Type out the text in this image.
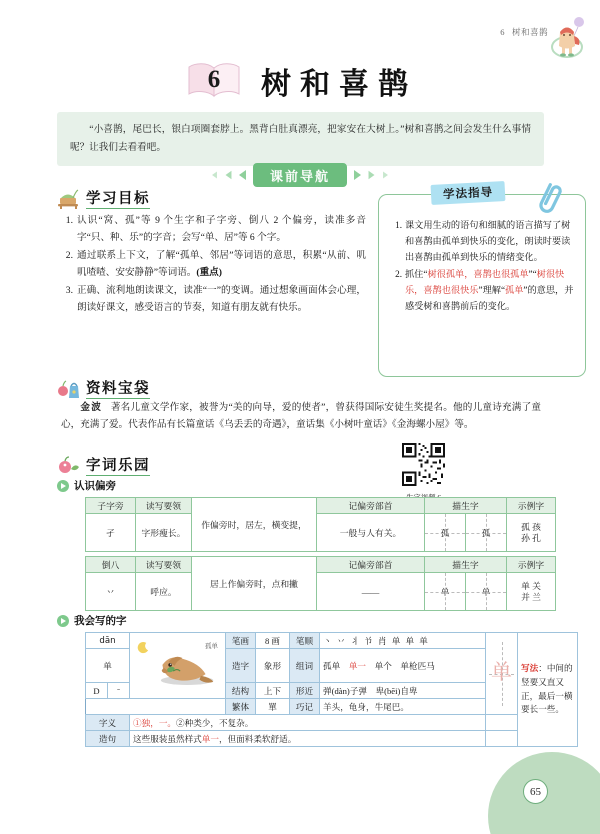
6 树和喜鹊
6 树和喜鹊

“小喜鹊，尾巴长，银白项圈套脖上。黑背白肚真漂亮，把家安在大树上。”树和喜鹊之间会发生什么事情呢？让我们去看看吧。

课前导航
学习目标
1. 认识“窝、孤”等 9 个生字和子字旁、倒八 2 个偏旁，读准多音字“只、种、乐”的字音；会写“单、居”等 6 个字。
2. 通过联系上下文，了解“孤单、邻居”等词语的意思，积累“从前、叽叽喳喳、安安静静”等词语。(重点)
3. 正确、流利地朗读课文，读准“一”的变调。通过想象画面体会心理，朗读好课文，感受语言的节奏，知道有朋友就有快乐。
学法指导
1. 课文用生动的语句和细腻的语言描写了树和喜鹊由孤单到快乐的变化，朗读时要读出喜鹊由孤单到快乐的情绪变化。
2. 抓住“树很孤单，喜鹊也很孤单”“树很快乐，喜鹊也很快乐”理解“孤单”的意思，并感受树和喜鹊前后的变化。
资料宝袋
金波 著名儿童文学作家，被誉为“美的向导，爱的使者”，曾获得国际安徒生奖提名。他的儿童诗充满了童心，充满了爱。代表作品有长篇童话《乌丢丢的奇遇》，童话集《小树叶童话》《金海螺小屋》等。
字词乐园
认识偏旁
子字旁	读写要领	作偏旁时，居左，横变提，	记偏旁部首	描生字		示例字
孑	字形瘦长。		一般与人有关。	孤	孤	孤 孩
孙 孔
倒八	读写要领	居上作偏旁时，点和撇	记偏旁部首	描生字		示例字
丷	呼应。		——	单	单	单 关
并 兰
我会写的字
dān		孤单	笔画	8 画	笔顺	丶 丷 丬 兯 肖 单 单 单	单	写法：中间的竖要又直又正，最后一横要长一些。
单			造字	象形	组词	孤单  单一  单个  单枪匹马		
D	ˉ		结构	上下	形近	弹(dàn)子弹　卑(bēi)自卑		
			繁体	單	巧记	羊头，龟身，牛尾巴。		
字义		①独，一。②种类少，不复杂。						
造句		这些服装虽然样式单一，但面料柔软舒适。						
65
